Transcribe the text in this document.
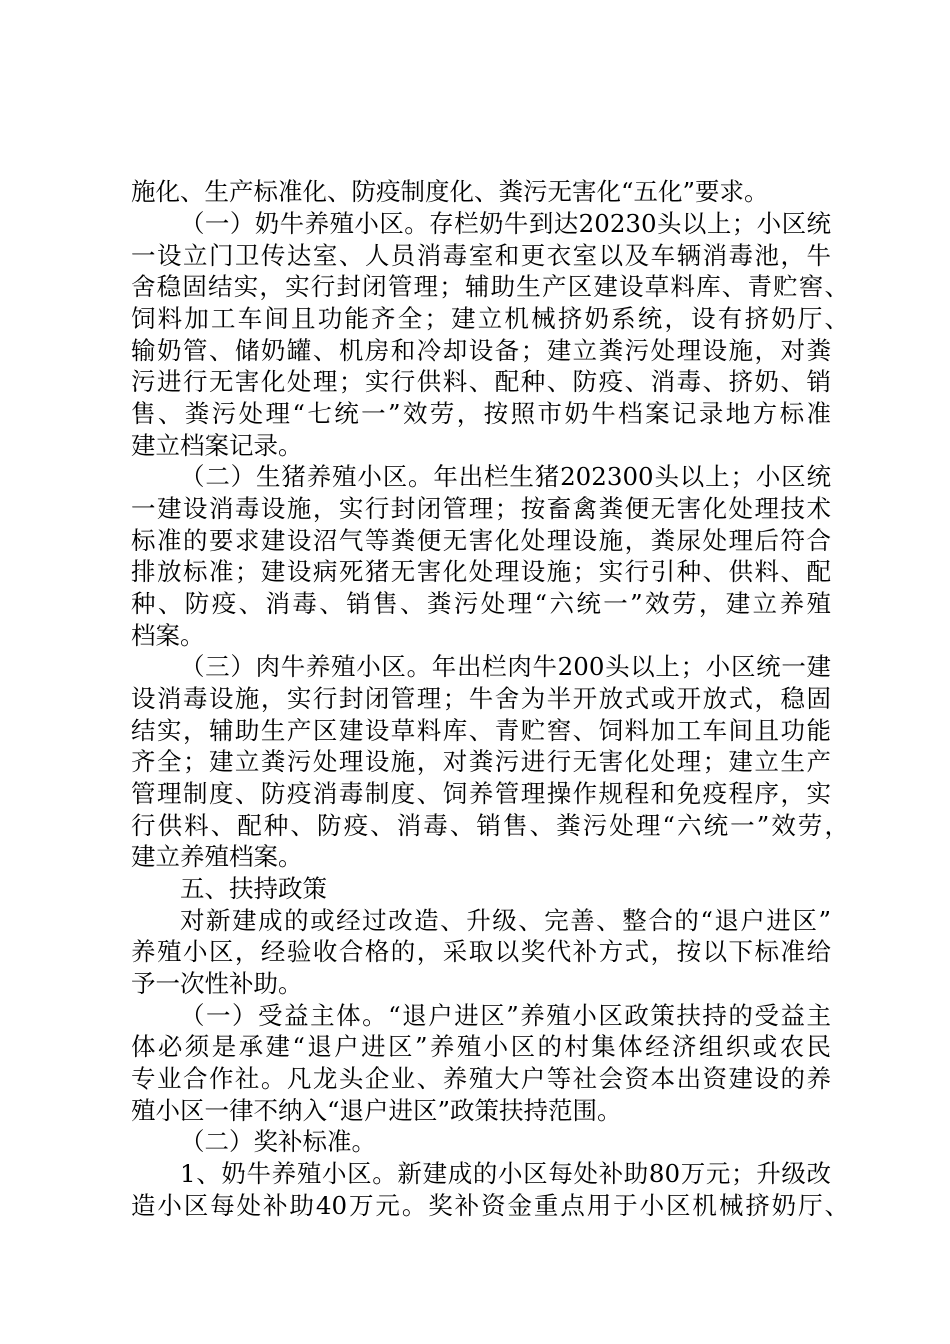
施化、生产标准化、防疫制度化、粪污无害化“五化”要求。
（一）奶牛养殖小区。存栏奶牛到达20230头以上；小区统
一设立门卫传达室、人员消毒室和更衣室以及车辆消毒池，牛
舍稳固结实，实行封闭管理；辅助生产区建设草料库、青贮窖、
饲料加工车间且功能齐全；建立机械挤奶系统，设有挤奶厅、
输奶管、储奶罐、机房和冷却设备；建立粪污处理设施，对粪
污进行无害化处理；实行供料、配种、防疫、消毒、挤奶、销
售、粪污处理“七统一”效劳，按照市奶牛档案记录地方标准
建立档案记录。
（二）生猪养殖小区。年出栏生猪202300头以上；小区统
一建设消毒设施，实行封闭管理；按畜禽粪便无害化处理技术
标准的要求建设沼气等粪便无害化处理设施，粪尿处理后符合
排放标准；建设病死猪无害化处理设施；实行引种、供料、配
种、防疫、消毒、销售、粪污处理“六统一”效劳，建立养殖
档案。
（三）肉牛养殖小区。年出栏肉牛200头以上；小区统一建
设消毒设施，实行封闭管理；牛舍为半开放式或开放式，稳固
结实，辅助生产区建设草料库、青贮窖、饲料加工车间且功能
齐全；建立粪污处理设施，对粪污进行无害化处理；建立生产
管理制度、防疫消毒制度、饲养管理操作规程和免疫程序，实
行供料、配种、防疫、消毒、销售、粪污处理“六统一”效劳，
建立养殖档案。
五、扶持政策
对新建成的或经过改造、升级、完善、整合的“退户进区”
养殖小区，经验收合格的，采取以奖代补方式，按以下标准给
予一次性补助。
（一）受益主体。“退户进区”养殖小区政策扶持的受益主
体必须是承建“退户进区”养殖小区的村集体经济组织或农民
专业合作社。凡龙头企业、养殖大户等社会资本出资建设的养
殖小区一律不纳入“退户进区”政策扶持范围。
（二）奖补标准。
1、奶牛养殖小区。新建成的小区每处补助80万元；升级改
造小区每处补助40万元。奖补资金重点用于小区机械挤奶厅、
